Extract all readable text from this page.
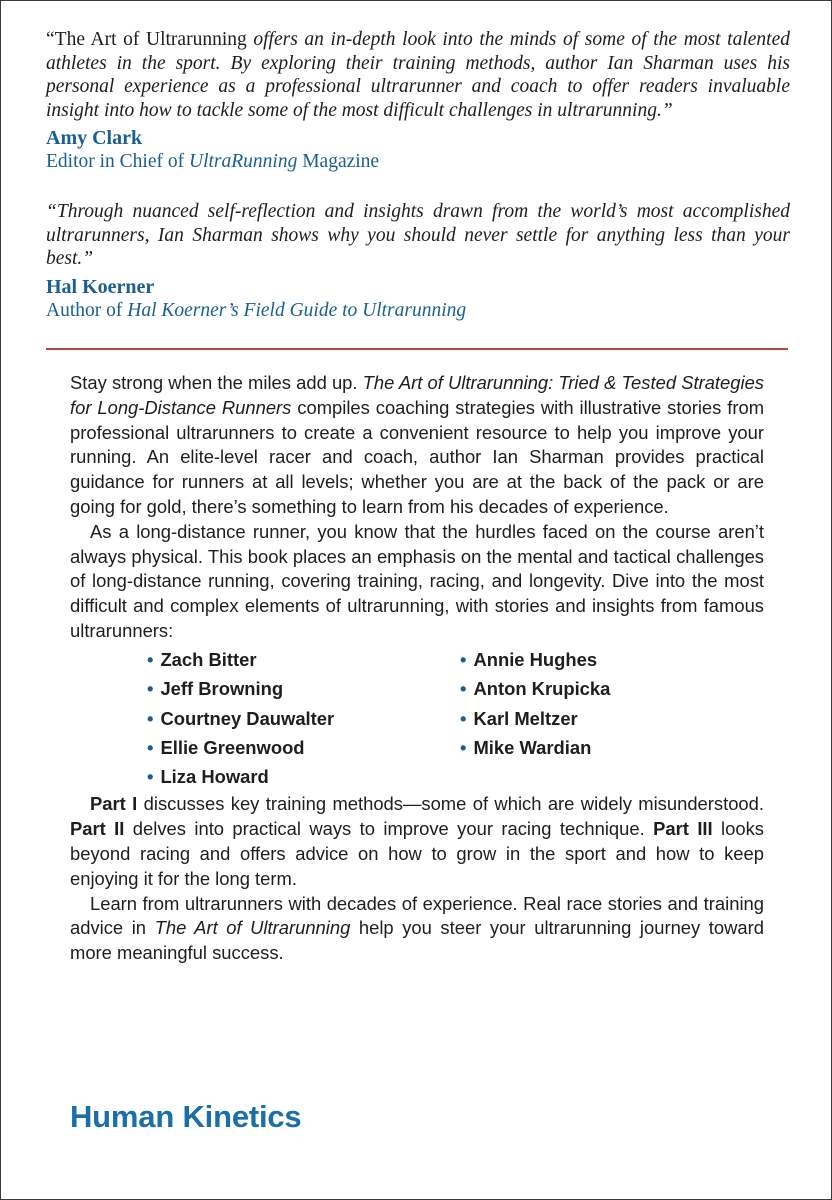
“The Art of Ultrarunning offers an in-depth look into the minds of some of the most talented athletes in the sport. By exploring their training methods, author Ian Sharman uses his personal experience as a professional ultrarunner and coach to offer readers invaluable insight into how to tackle some of the most difficult challenges in ultrarunning.”

Amy Clark

Editor in Chief of UltraRunning Magazine

“Through nuanced self-reflection and insights drawn from the world’s most accomplished ultrarunners, Ian Sharman shows why you should never settle for anything less than your best.”

Hal Koerner

Author of Hal Koerner’s Field Guide to Ultrarunning

Stay strong when the miles add up. The Art of Ultrarunning: Tried & Tested Strategies for Long-Distance Runners compiles coaching strategies with illustrative stories from professional ultrarunners to create a convenient resource to help you improve your running. An elite-level racer and coach, author Ian Sharman provides practical guidance for runners at all levels; whether you are at the back of the pack or are going for gold, there’s something to learn from his decades of experience.

As a long-distance runner, you know that the hurdles faced on the course aren’t always physical. This book places an emphasis on the mental and tactical challenges of long-distance running, covering training, racing, and longevity. Dive into the most difficult and complex elements of ultrarunning, with stories and insights from famous ultrarunners:

• Zach Bitter	• Annie Hughes
• Jeff Browning	• Anton Krupicka
• Courtney Dauwalter	• Karl Meltzer
• Ellie Greenwood	• Mike Wardian
• Liza Howard

Part I discusses key training methods—some of which are widely misunderstood. Part II delves into practical ways to improve your racing technique. Part III looks beyond racing and offers advice on how to grow in the sport and how to keep enjoying it for the long term.

Learn from ultrarunners with decades of experience. Real race stories and training advice in The Art of Ultrarunning help you steer your ultrarunning journey toward more meaningful success.

Human Kinetics
